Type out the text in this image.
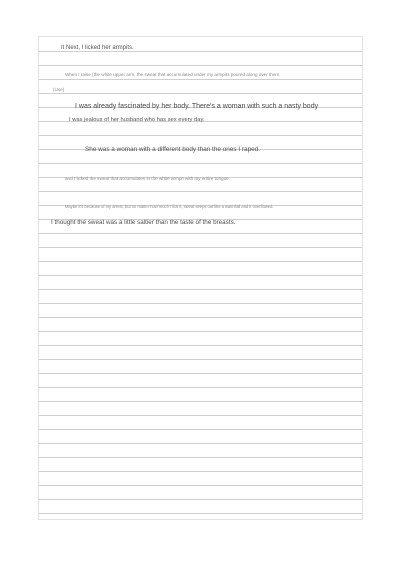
It Next, I licked her armpits.
When I raise (the white upper arm, the sweat that accumulated under my armpits poured along over them
(Use)
I was already fascinated by her body. There's a woman with such a nasty body
I was jealous of her husband who has sex every day.
She was a woman with a different body than the ones I raped.
and I licked the sweat that accumulates in the white armpit with my entire tongue.
Maybe it's because of my arrest, but no matter how much I lick it, sweat seeps out like a waterfall and it overflowed.
I thought the sweat was a little saltier than the taste of the breasts.
